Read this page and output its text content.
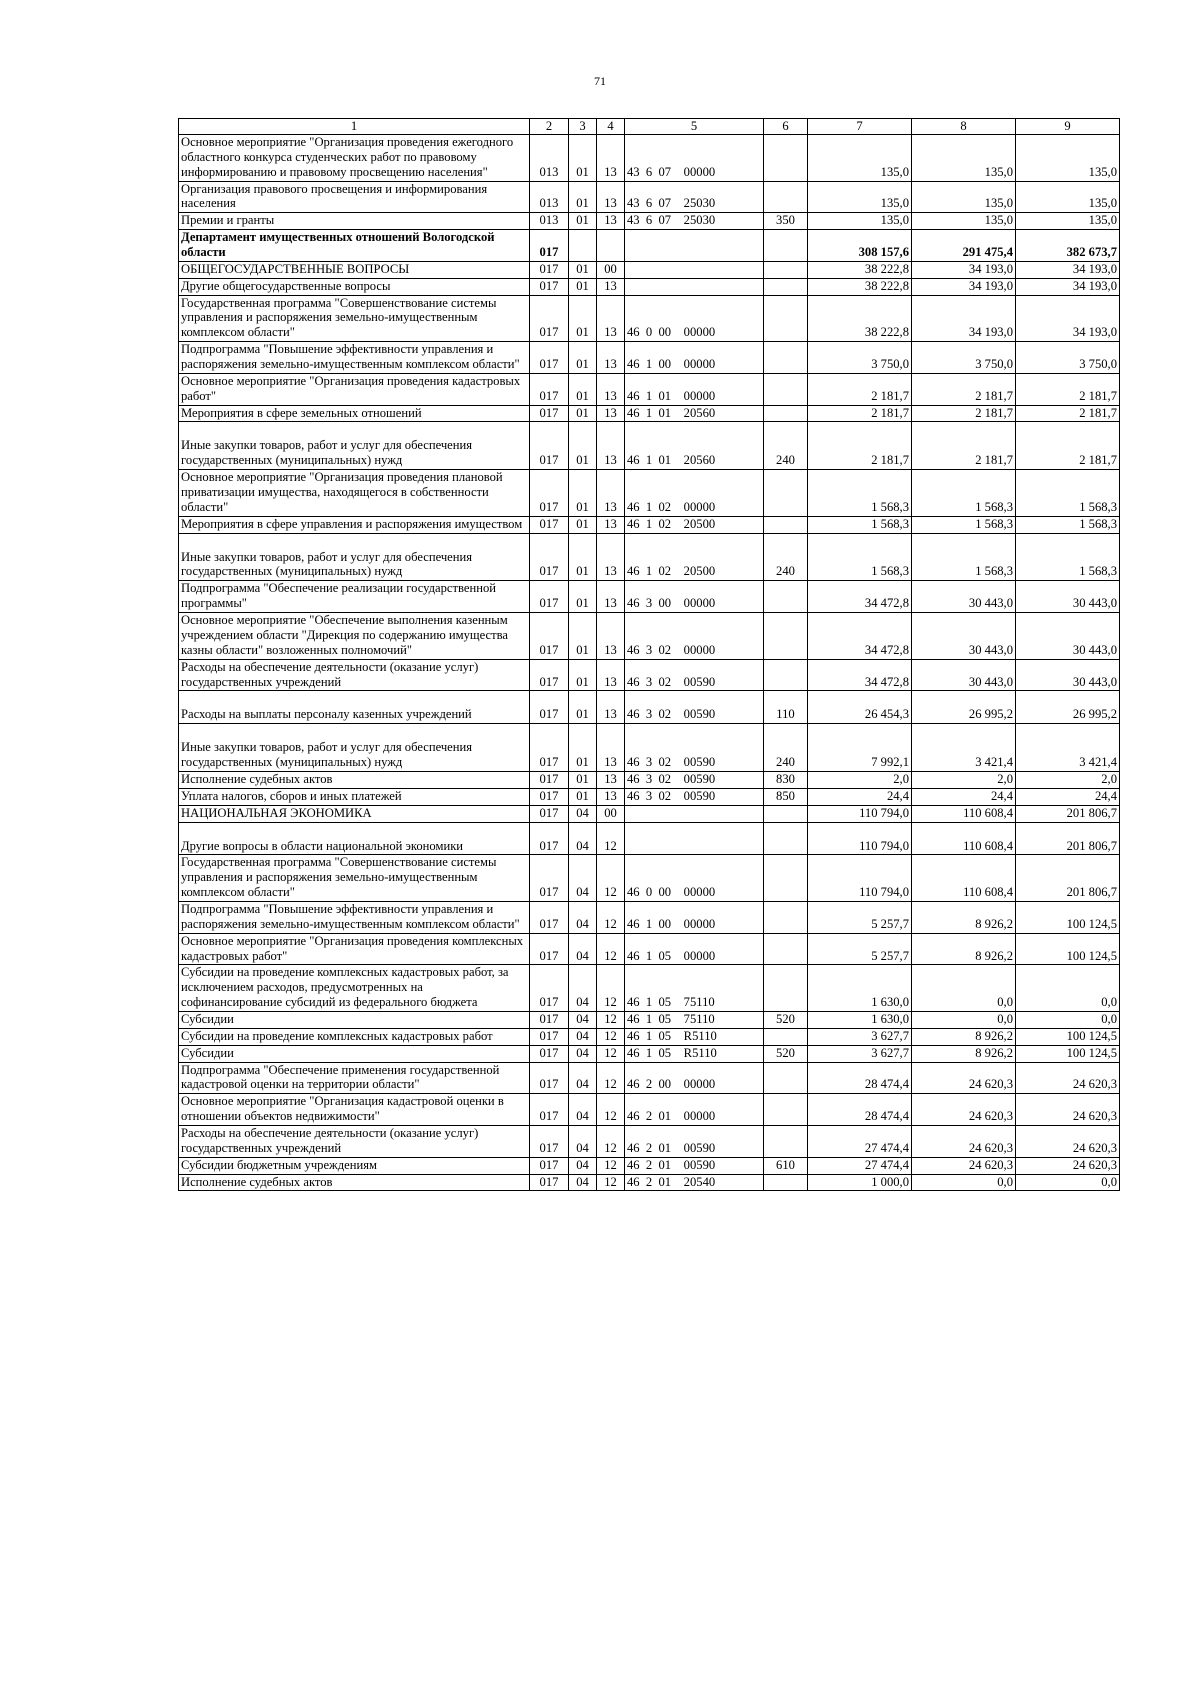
71
1	2	3	4	5	6	7	8	9
Основное мероприятие "Организация проведения ежегодного областного конкурса студенческих работ по правовому информированию и правовому просвещению населения"	013	01	13	43  6  07    00000		135,0	135,0	135,0
Организация правового просвещения и информирования населения	013	01	13	43  6  07    25030		135,0	135,0	135,0
Премии и гранты	013	01	13	43  6  07    25030	350	135,0	135,0	135,0
Департамент имущественных отношений Вологодской области	017					308 157,6	291 475,4	382 673,7
ОБЩЕГОСУДАРСТВЕННЫЕ ВОПРОСЫ	017	01	00			38 222,8	34 193,0	34 193,0
Другие общегосударственные вопросы	017	01	13			38 222,8	34 193,0	34 193,0
Государственная программа "Совершенствование системы управления и распоряжения земельно-имущественным комплексом области"	017	01	13	46  0  00    00000		38 222,8	34 193,0	34 193,0
Подпрограмма "Повышение эффективности управления и распоряжения земельно-имущественным комплексом области"	017	01	13	46  1  00    00000		3 750,0	3 750,0	3 750,0
Основное мероприятие "Организация проведения кадастровых работ"	017	01	13	46  1  01    00000		2 181,7	2 181,7	2 181,7
Мероприятия в сфере земельных отношений	017	01	13	46  1  01    20560		2 181,7	2 181,7	2 181,7
Иные закупки товаров, работ и услуг для обеспечения государственных (муниципальных) нужд	017	01	13	46  1  01    20560	240	2 181,7	2 181,7	2 181,7
Основное мероприятие "Организация проведения плановой приватизации имущества, находящегося в собственности области"	017	01	13	46  1  02    00000		1 568,3	1 568,3	1 568,3
Мероприятия в сфере управления и распоряжения имуществом	017	01	13	46  1  02    20500		1 568,3	1 568,3	1 568,3
Иные закупки товаров, работ и услуг для обеспечения государственных (муниципальных) нужд	017	01	13	46  1  02    20500	240	1 568,3	1 568,3	1 568,3
Подпрограмма "Обеспечение реализации государственной программы"	017	01	13	46  3  00    00000		34 472,8	30 443,0	30 443,0
Основное мероприятие "Обеспечение выполнения казенным учреждением области "Дирекция по содержанию имущества казны области" возложенных полномочий"	017	01	13	46  3  02    00000		34 472,8	30 443,0	30 443,0
Расходы на обеспечение деятельности (оказание услуг) государственных учреждений	017	01	13	46  3  02    00590		34 472,8	30 443,0	30 443,0
Расходы на выплаты персоналу казенных учреждений	017	01	13	46  3  02    00590	110	26 454,3	26 995,2	26 995,2
Иные закупки товаров, работ и услуг для обеспечения государственных (муниципальных) нужд	017	01	13	46  3  02    00590	240	7 992,1	3 421,4	3 421,4
Исполнение судебных актов	017	01	13	46  3  02    00590	830	2,0	2,0	2,0
Уплата налогов, сборов и иных платежей	017	01	13	46  3  02    00590	850	24,4	24,4	24,4
НАЦИОНАЛЬНАЯ ЭКОНОМИКА	017	04	00			110 794,0	110 608,4	201 806,7
Другие вопросы в области национальной экономики	017	04	12			110 794,0	110 608,4	201 806,7
Государственная программа "Совершенствование системы управления и распоряжения земельно-имущественным комплексом области"	017	04	12	46  0  00    00000		110 794,0	110 608,4	201 806,7
Подпрограмма "Повышение эффективности управления и распоряжения земельно-имущественным комплексом области"	017	04	12	46  1  00    00000		5 257,7	8 926,2	100 124,5
Основное мероприятие "Организация проведения комплексных кадастровых работ"	017	04	12	46  1  05    00000		5 257,7	8 926,2	100 124,5
Субсидии на проведение комплексных кадастровых работ, за исключением расходов, предусмотренных на софинансирование субсидий из федерального бюджета	017	04	12	46  1  05    75110		1 630,0	0,0	0,0
Субсидии	017	04	12	46  1  05    75110	520	1 630,0	0,0	0,0
Субсидии на проведение комплексных кадастровых работ	017	04	12	46  1  05    R5110		3 627,7	8 926,2	100 124,5
Субсидии	017	04	12	46  1  05    R5110	520	3 627,7	8 926,2	100 124,5
Подпрограмма "Обеспечение применения государственной кадастровой оценки на территории области"	017	04	12	46  2  00    00000		28 474,4	24 620,3	24 620,3
Основное мероприятие "Организация кадастровой оценки в отношении объектов недвижимости"	017	04	12	46  2  01    00000		28 474,4	24 620,3	24 620,3
Расходы на обеспечение деятельности (оказание услуг) государственных учреждений	017	04	12	46  2  01    00590		27 474,4	24 620,3	24 620,3
Субсидии бюджетным учреждениям	017	04	12	46  2  01    00590	610	27 474,4	24 620,3	24 620,3
Исполнение судебных актов	017	04	12	46  2  01    20540		1 000,0	0,0	0,0
